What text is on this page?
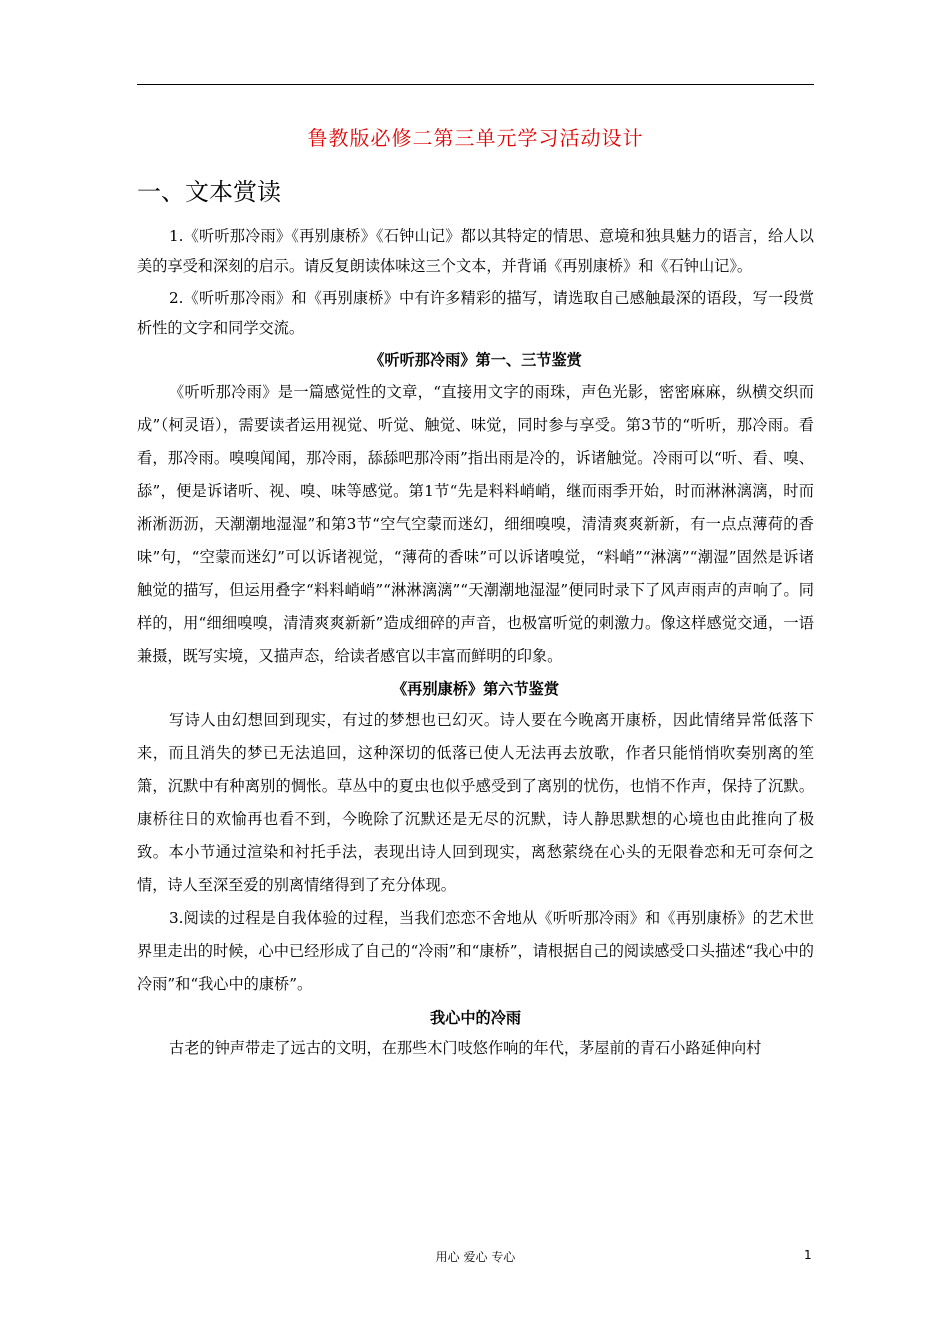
鲁教版必修二第三单元学习活动设计
一、文本赏读

1.《听听那冷雨》《再别康桥》《石钟山记》都以其特定的情思、意境和独具魅力的语言，给人以美的享受和深刻的启示。请反复朗读体味这三个文本，并背诵《再别康桥》和《石钟山记》。

2.《听听那冷雨》和《再别康桥》中有许多精彩的描写，请选取自己感触最深的语段，写一段赏析性的文字和同学交流。

《听听那冷雨》第一、三节鉴赏

《听听那冷雨》是一篇感觉性的文章，“直接用文字的雨珠，声色光影，密密麻麻，纵横交织而成”（柯灵语），需要读者运用视觉、听觉、触觉、味觉，同时参与享受。第3节的“听听，那冷雨。看看，那冷雨。嗅嗅闻闻，那冷雨，舔舔吧那冷雨”指出雨是冷的，诉诸触觉。冷雨可以“听、看、嗅、舔”，便是诉诸听、视、嗅、味等感觉。第1节“先是料料峭峭，继而雨季开始，时而淋淋漓漓，时而淅淅沥沥，天潮潮地湿湿”和第3节“空气空蒙而迷幻，细细嗅嗅，清清爽爽新新，有一点点薄荷的香味”句，“空蒙而迷幻”可以诉诸视觉，“薄荷的香味”可以诉诸嗅觉，“料峭”“淋漓”“潮湿”固然是诉诸触觉的描写，但运用叠字“料料峭峭”“淋淋漓漓”“天潮潮地湿湿”便同时录下了风声雨声的声响了。同样的，用“细细嗅嗅，清清爽爽新新”造成细碎的声音，也极富听觉的刺激力。像这样感觉交通，一语兼摄，既写实境，又描声态，给读者感官以丰富而鲜明的印象。

《再别康桥》第六节鉴赏

写诗人由幻想回到现实，有过的梦想也已幻灭。诗人要在今晚离开康桥，因此情绪异常低落下来，而且消失的梦已无法追回，这种深切的低落已使人无法再去放歌，作者只能悄悄吹奏别离的笙箫，沉默中有种离别的惆怅。草丛中的夏虫也似乎感受到了离别的忧伤，也悄不作声，保持了沉默。康桥往日的欢愉再也看不到，今晚除了沉默还是无尽的沉默，诗人静思默想的心境也由此推向了极致。本小节通过渲染和衬托手法，表现出诗人回到现实，离愁萦绕在心头的无限眷恋和无可奈何之情，诗人至深至爱的别离情绪得到了充分体现。

3.阅读的过程是自我体验的过程，当我们恋恋不舍地从《听听那冷雨》和《再别康桥》的艺术世界里走出的时候，心中已经形成了自己的“冷雨”和“康桥”，请根据自己的阅读感受口头描述“我心中的冷雨”和“我心中的康桥”。

我心中的冷雨

古老的钟声带走了远古的文明，在那些木门吱悠作响的年代，茅屋前的青石小路延伸向村

用心 爱心 专心	1
